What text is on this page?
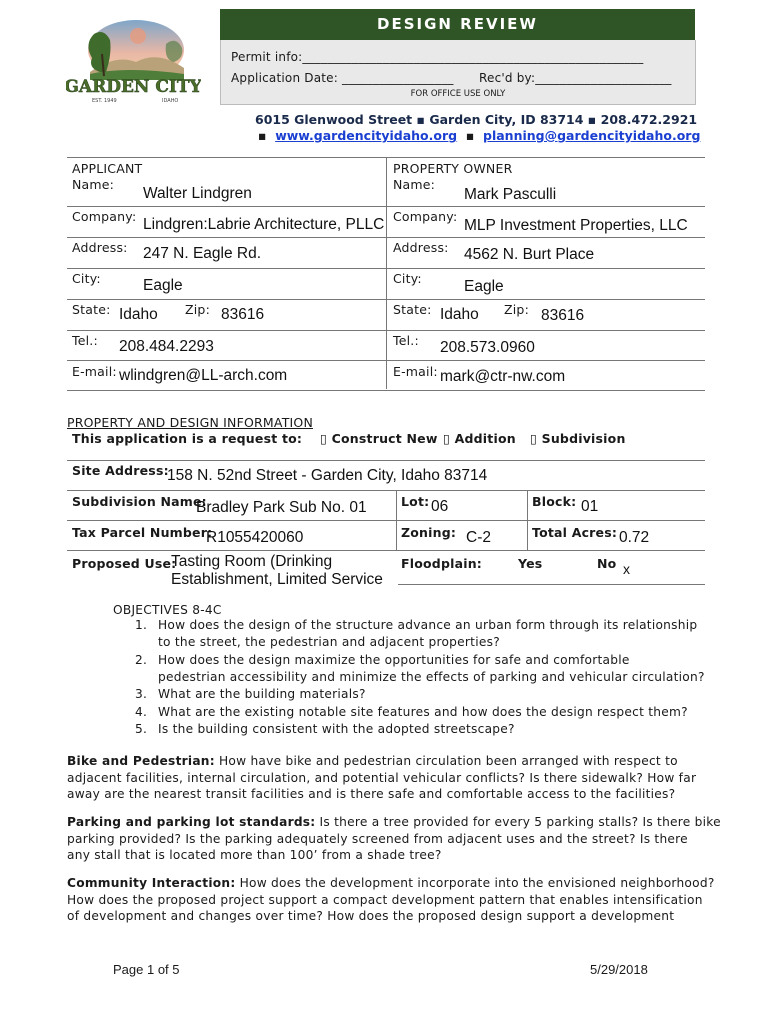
GARDEN CITY
EST. 1949	IDAHO
DESIGN REVIEW
Permit info:_______________________________________________________
Application Date: __________________ Rec'd by:______________________
FOR OFFICE USE ONLY
6015 Glenwood Street ▪ Garden City, ID 83714 ▪ 208.472.2921
▪ www.gardencityidaho.org ▪ planning@gardencityidaho.org
APPLICANT	PROPERTY OWNER
Name:
Walter Lindgren
Company: Lindgren:Labrie Architecture, PLLC
Address: 247 N. Eagle Rd.
City:	Eagle
State: Idaho Zip: 83616
Tel.: 208.484.2293
E-mail: wlindgren@LL-arch.com
Name:
Mark Pasculli
Company:
MLP Investment Properties, LLC
Address: 4562 N. Burt Place
City:	Eagle
State: Idaho Zip: 83616
Tel.: 208.573.0960
E-mail: mark@ctr-nw.com
PROPERTY AND DESIGN INFORMATION
This application is a request to: ▯ Construct New ▯ Addition ▯ Subdivision
Site Address:
158 N. 52nd Street - Garden City, Idaho 83714
Subdivision Name:
Bradley Park Sub No. 01	Lot: 06	Block: 01
Tax Parcel Number:
R1055420060	Zoning: C-2	Total Acres: 0.72
Proposed Use:
Tasting Room (Drinking
Establishment, Limited Service
Floodplain:	Yes	No x
OBJECTIVES 8-4C
1. How does the design of the structure advance an urban form through its relationship
to the street, the pedestrian and adjacent properties?
2. How does the design maximize the opportunities for safe and comfortable
pedestrian accessibility and minimize the effects of parking and vehicular circulation?
3. What are the building materials?
4. What are the existing notable site features and how does the design respect them?
5. Is the building consistent with the adopted streetscape?
Bike and Pedestrian: How have bike and pedestrian circulation been arranged with respect to
adjacent facilities, internal circulation, and potential vehicular conflicts? Is there sidewalk? How far
away are the nearest transit facilities and is there safe and comfortable access to the facilities?
Parking and parking lot standards: Is there a tree provided for every 5 parking stalls? Is there bike
parking provided? Is the parking adequately screened from adjacent uses and the street? Is there
any stall that is located more than 100’ from a shade tree?
Community Interaction: How does the development incorporate into the envisioned neighborhood?
How does the proposed project support a compact development pattern that enables intensification
of development and changes over time? How does the proposed design support a development
Page 1 of 5	5/29/2018
